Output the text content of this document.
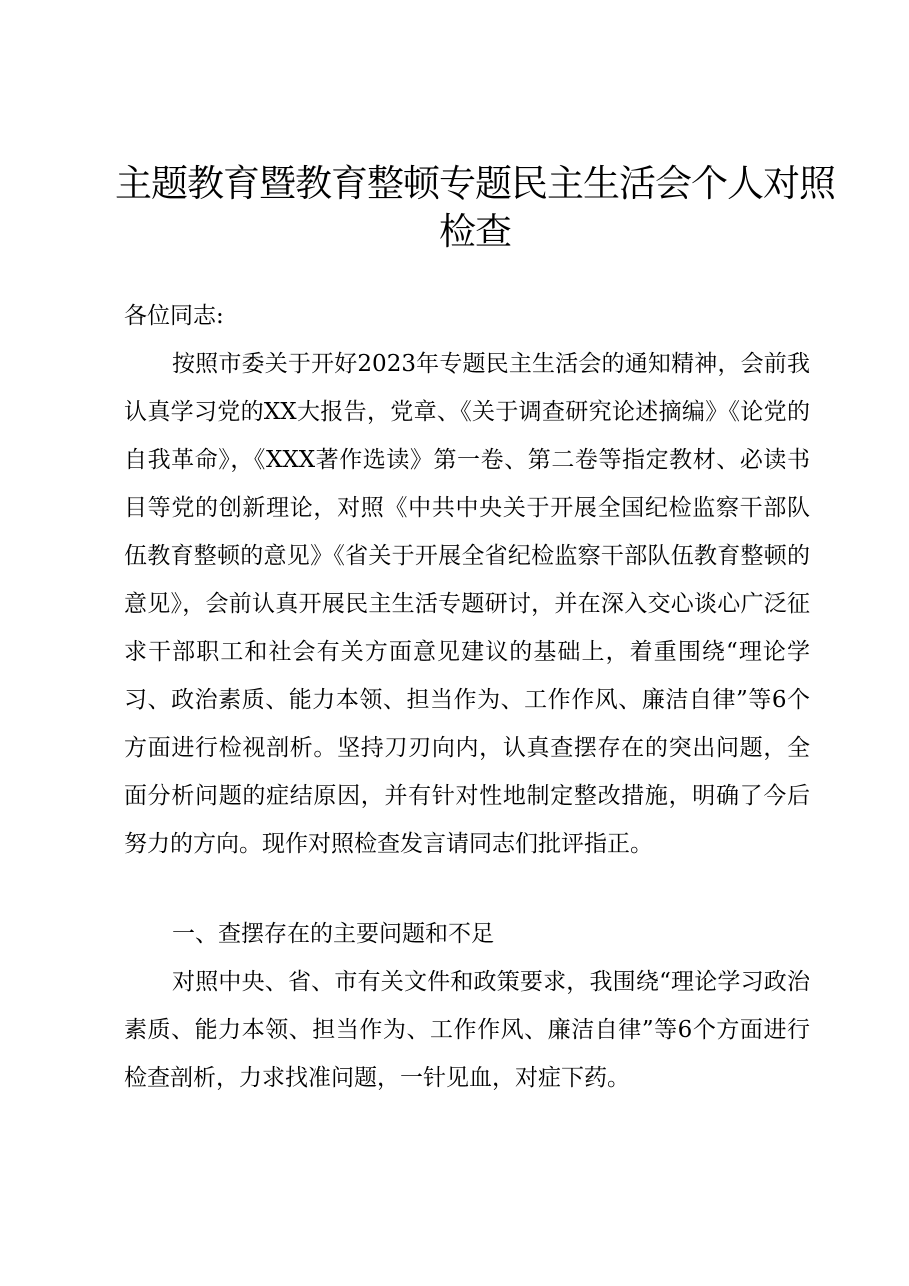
主题教育暨教育整顿专题民主生活会个人对照检查

各位同志:

按照市委关于开好2023年专题民主生活会的通知精神，会前我认真学习党的XX大报告，党章、《关于调查研究论述摘编》《论党的自我革命》，《XXX著作选读》第一卷、第二卷等指定教材、必读书目等党的创新理论，对照《中共中央关于开展全国纪检监察干部队伍教育整顿的意见》《省关于开展全省纪检监察干部队伍教育整顿的意见》，会前认真开展民主生活专题研讨，并在深入交心谈心广泛征求干部职工和社会有关方面意见建议的基础上，着重围绕“理论学习、政治素质、能力本领、担当作为、工作作风、廉洁自律”等6个方面进行检视剖析。坚持刀刃向内，认真查摆存在的突出问题，全面分析问题的症结原因，并有针对性地制定整改措施，明确了今后努力的方向。现作对照检查发言请同志们批评指正。

一、查摆存在的主要问题和不足

对照中央、省、市有关文件和政策要求，我围绕“理论学习政治素质、能力本领、担当作为、工作作风、廉洁自律”等6个方面进行检查剖析，力求找准问题，一针见血，对症下药。
